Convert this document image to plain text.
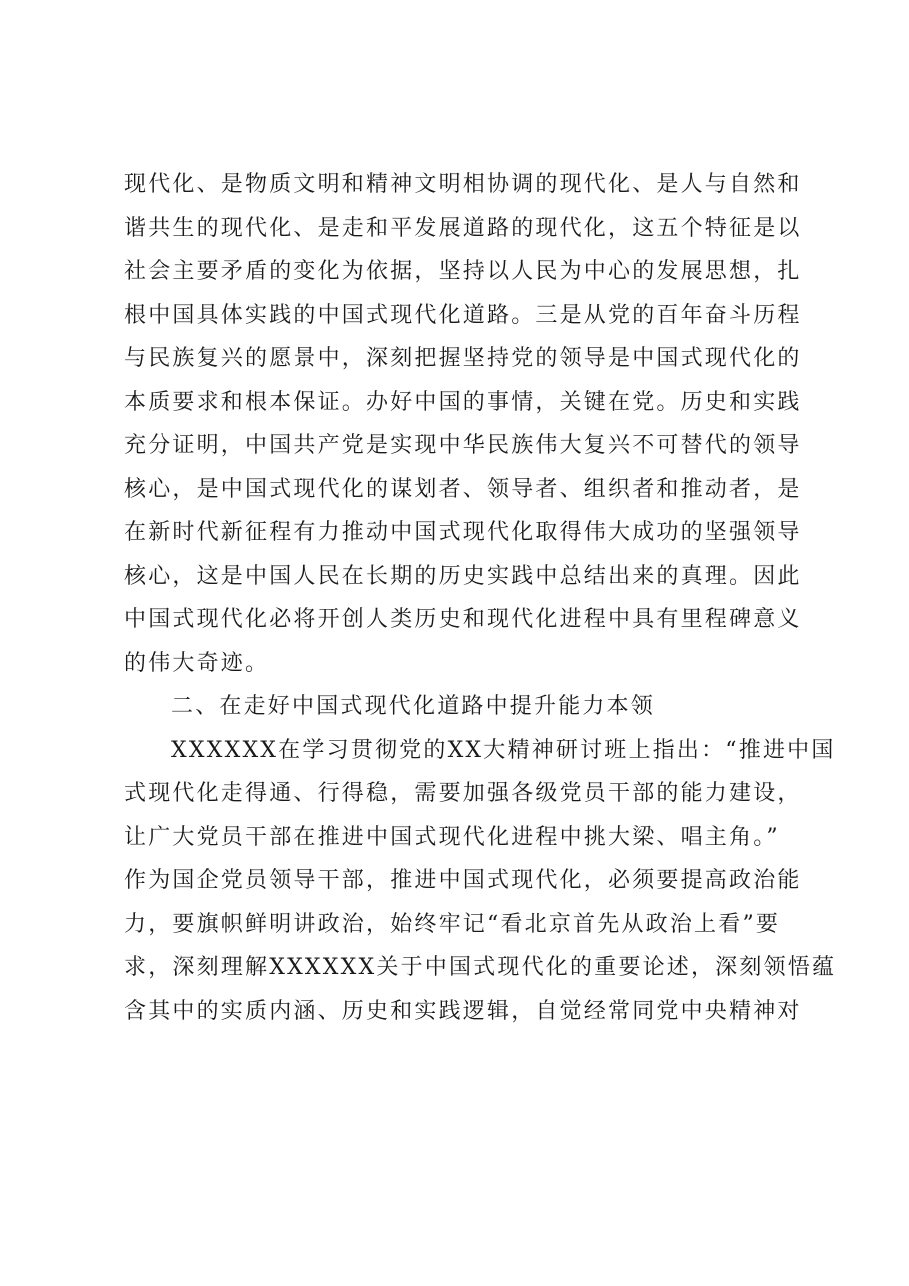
现代化、是物质文明和精神文明相协调的现代化、是人与自然和
谐共生的现代化、是走和平发展道路的现代化，这五个特征是以
社会主要矛盾的变化为依据，坚持以人民为中心的发展思想，扎
根中国具体实践的中国式现代化道路。三是从党的百年奋斗历程
与民族复兴的愿景中，深刻把握坚持党的领导是中国式现代化的
本质要求和根本保证。办好中国的事情，关键在党。历史和实践
充分证明，中国共产党是实现中华民族伟大复兴不可替代的领导
核心，是中国式现代化的谋划者、领导者、组织者和推动者，是
在新时代新征程有力推动中国式现代化取得伟大成功的坚强领导
核心，这是中国人民在长期的历史实践中总结出来的真理。因此
中国式现代化必将开创人类历史和现代化进程中具有里程碑意义
的伟大奇迹。
二、在走好中国式现代化道路中提升能力本领
XXXXXX在学习贯彻党的XX大精神研讨班上指出：“推进中国
式现代化走得通、行得稳，需要加强各级党员干部的能力建设，
让广大党员干部在推进中国式现代化进程中挑大梁、唱主角。”
作为国企党员领导干部，推进中国式现代化，必须要提高政治能
力，要旗帜鲜明讲政治，始终牢记“看北京首先从政治上看”要
求，深刻理解XXXXXX关于中国式现代化的重要论述，深刻领悟蕴
含其中的实质内涵、历史和实践逻辑，自觉经常同党中央精神对
